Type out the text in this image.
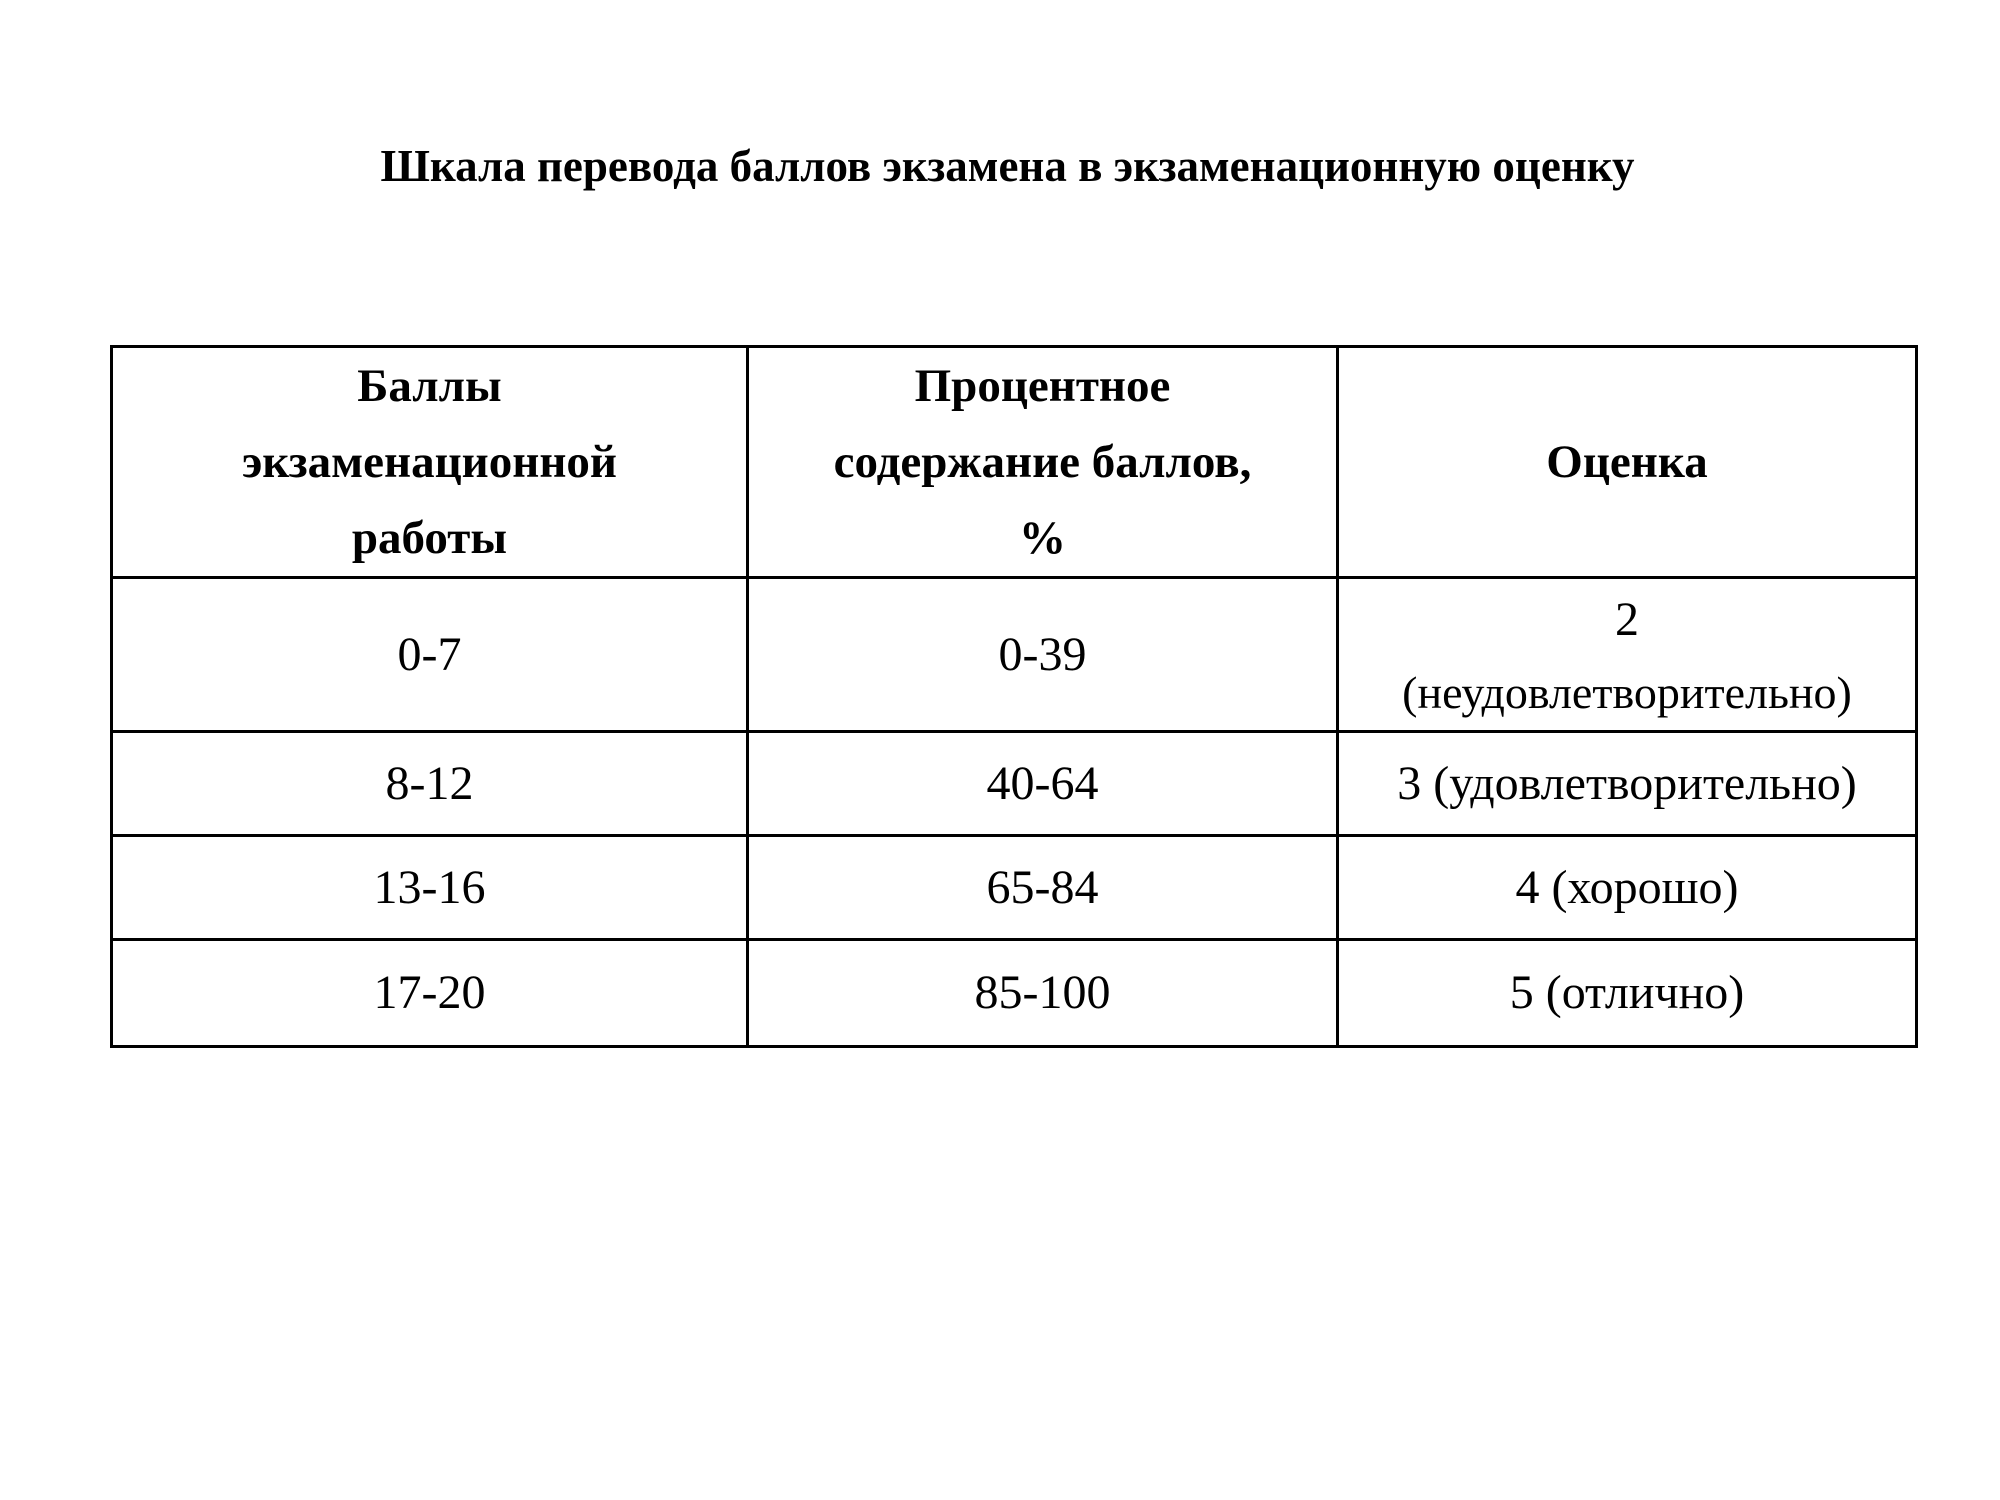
Шкала перевода баллов экзамена в экзаменационную оценку
Баллы
экзаменационной
работы	Процентное
содержание баллов,
%	Оценка

0-7	0-39	2
(неудовлетворительно)

8-12	40-64	3 (удовлетворительно)
13-16	65-84	4 (хорошо)
17-20	85-100	5 (отлично)
